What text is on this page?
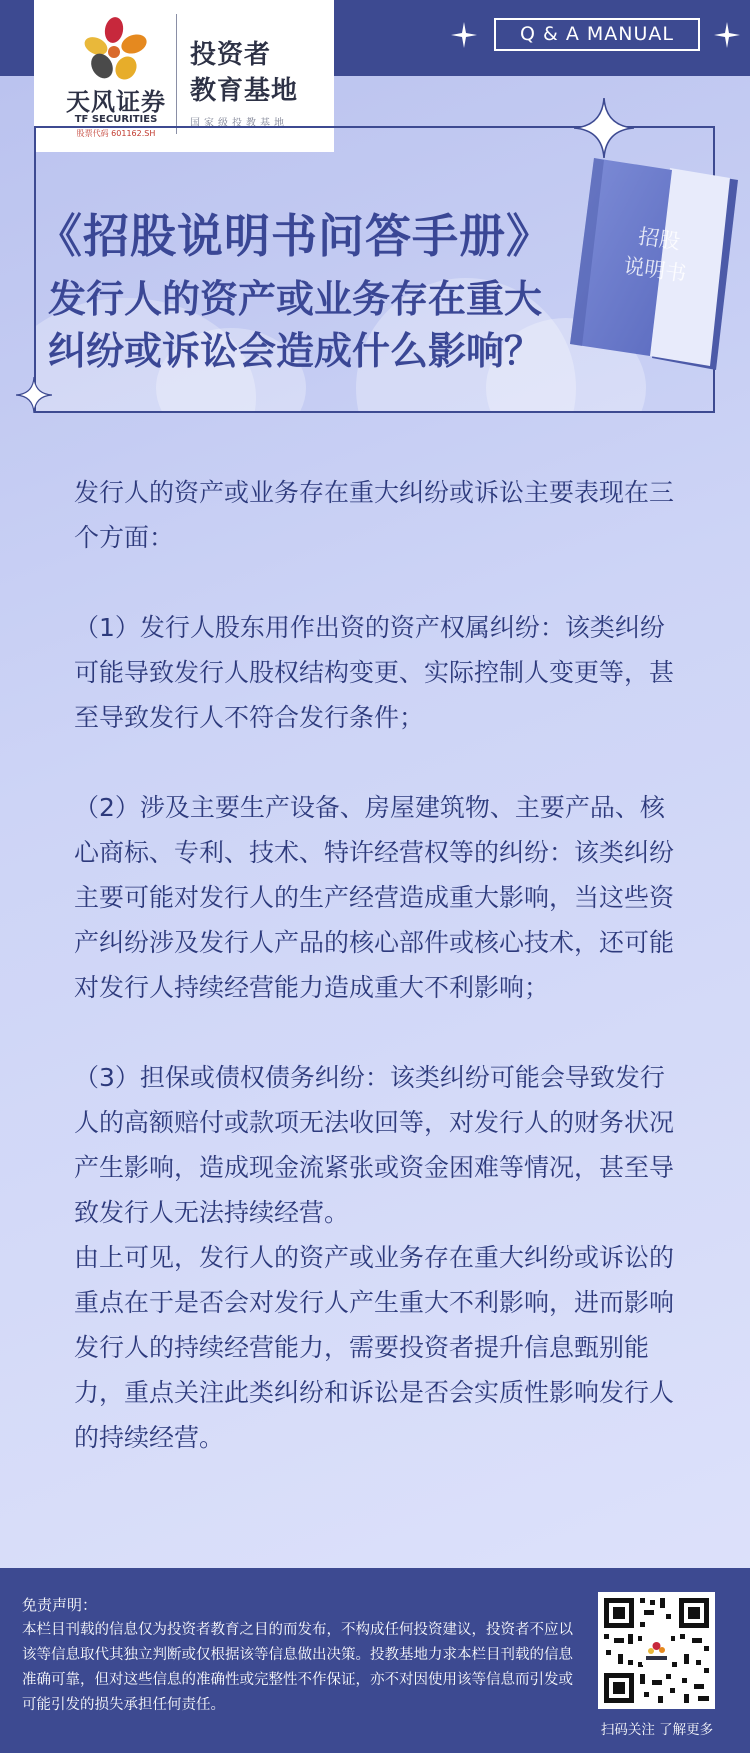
天风证券
TF SECURITIES
股票代码 601162.SH
投资者
教育基地
国家级投教基地
Q & A MANUAL
《招股说明书问答手册》
发行人的资产或业务存在重大
纠纷或诉讼会造成什么影响？
招股
说明书

发行人的资产或业务存在重大纠纷或诉讼主要表现在三个方面：

（1）发行人股东用作出资的资产权属纠纷：该类纠纷可能导致发行人股权结构变更、实际控制人变更等，甚至导致发行人不符合发行条件；

（2）涉及主要生产设备、房屋建筑物、主要产品、核心商标、专利、技术、特许经营权等的纠纷：该类纠纷主要可能对发行人的生产经营造成重大影响，当这些资产纠纷涉及发行人产品的核心部件或核心技术，还可能对发行人持续经营能力造成重大不利影响；

（3）担保或债权债务纠纷：该类纠纷可能会导致发行人的高额赔付或款项无法收回等，对发行人的财务状况产生影响，造成现金流紧张或资金困难等情况，甚至导致发行人无法持续经营。

由上可见，发行人的资产或业务存在重大纠纷或诉讼的重点在于是否会对发行人产生重大不利影响，进而影响发行人的持续经营能力，需要投资者提升信息甄别能力，重点关注此类纠纷和诉讼是否会实质性影响发行人的持续经营。

免责声明：
本栏目刊载的信息仅为投资者教育之目的而发布，不构成任何投资建议，投资者不应以该等信息取代其独立判断或仅根据该等信息做出决策。投教基地力求本栏目刊载的信息准确可靠，但对这些信息的准确性或完整性不作保证，亦不对因使用该等信息而引发或可能引发的损失承担任何责任。
扫码关注 了解更多
